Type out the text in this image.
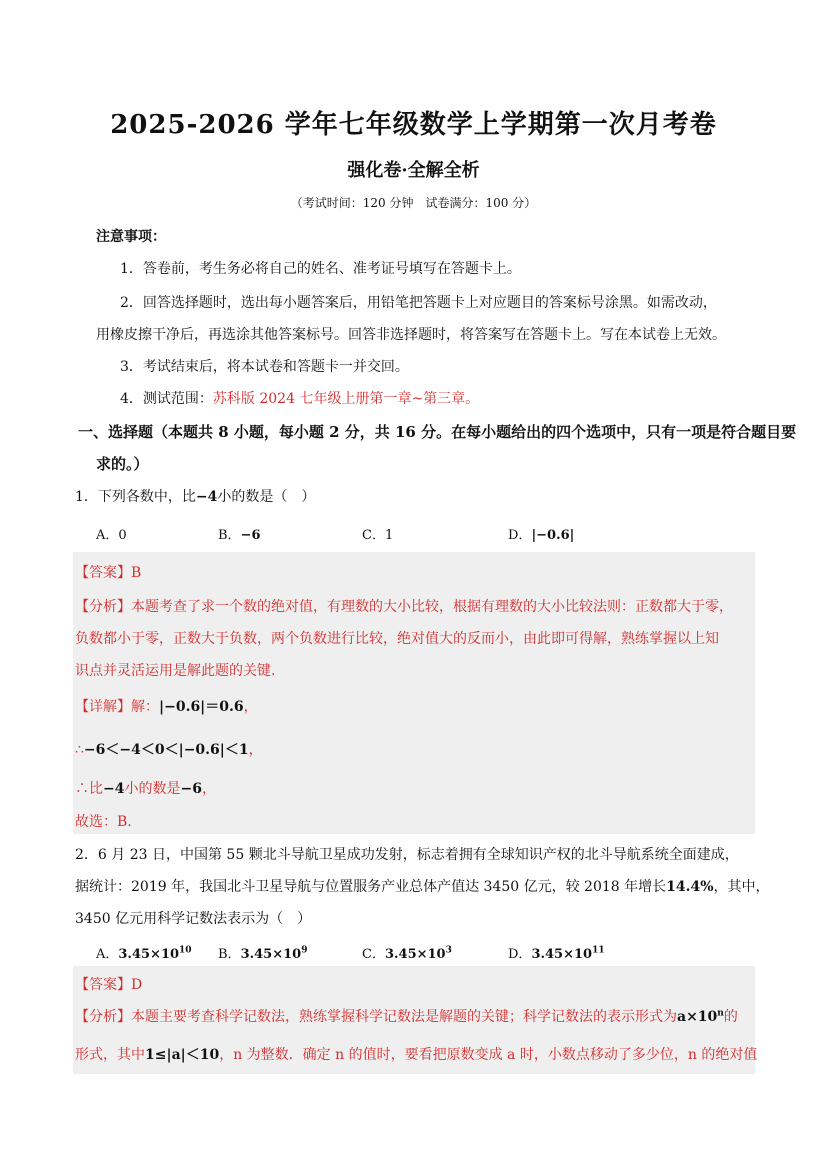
2025-2026 学年七年级数学上学期第一次月考卷
强化卷·全解全析
（考试时间：120 分钟　试卷满分：100 分）
注意事项：
1．答卷前，考生务必将自己的姓名、准考证号填写在答题卡上。
2．回答选择题时，选出每小题答案后，用铅笔把答题卡上对应题目的答案标号涂黑。如需改动，
用橡皮擦干净后，再选涂其他答案标号。回答非选择题时，将答案写在答题卡上。写在本试卷上无效。
3．考试结束后，将本试卷和答题卡一并交回。
4．测试范围：苏科版 2024 七年级上册第一章~第三章。
一、选择题（本题共 8 小题，每小题 2 分，共 16 分。在每小题给出的四个选项中，只有一项是符合题目要
求的。）
1．下列各数中，比−4小的数是（　）
A．0	B．−6	C．1	D．|−0.6|
【答案】B
【分析】本题考查了求一个数的绝对值，有理数的大小比较，根据有理数的大小比较法则：正数都大于零，
负数都小于零，正数大于负数，两个负数进行比较，绝对值大的反而小，由此即可得解，熟练掌握以上知
识点并灵活运用是解此题的关键.
【详解】解：|−0.6|＝0.6，
∴−6＜−4＜0＜|−0.6|＜1，
∴比−4小的数是−6，
故选：B.
2．6 月 23 日，中国第 55 颗北斗导航卫星成功发射，标志着拥有全球知识产权的北斗导航系统全面建成，
据统计：2019 年，我国北斗卫星导航与位置服务产业总体产值达 3450 亿元，较 2018 年增长14.4%，其中，
3450 亿元用科学记数法表示为（　）
A．$3.45\times 10^{10}$ B．$3.45\times 10^9$	C．$3.45\times 10^3$	D．$3.45\times 10^{11}$
【答案】D
【分析】本题主要考查科学记数法，熟练掌握科学记数法是解题的关键；科学记数法的表示形式为$a\times 10^n$的
形式，其中1≤|a|＜10，n 为整数．确定 n 的值时，要看把原数变成 a 时，小数点移动了多少位，n 的绝对值
